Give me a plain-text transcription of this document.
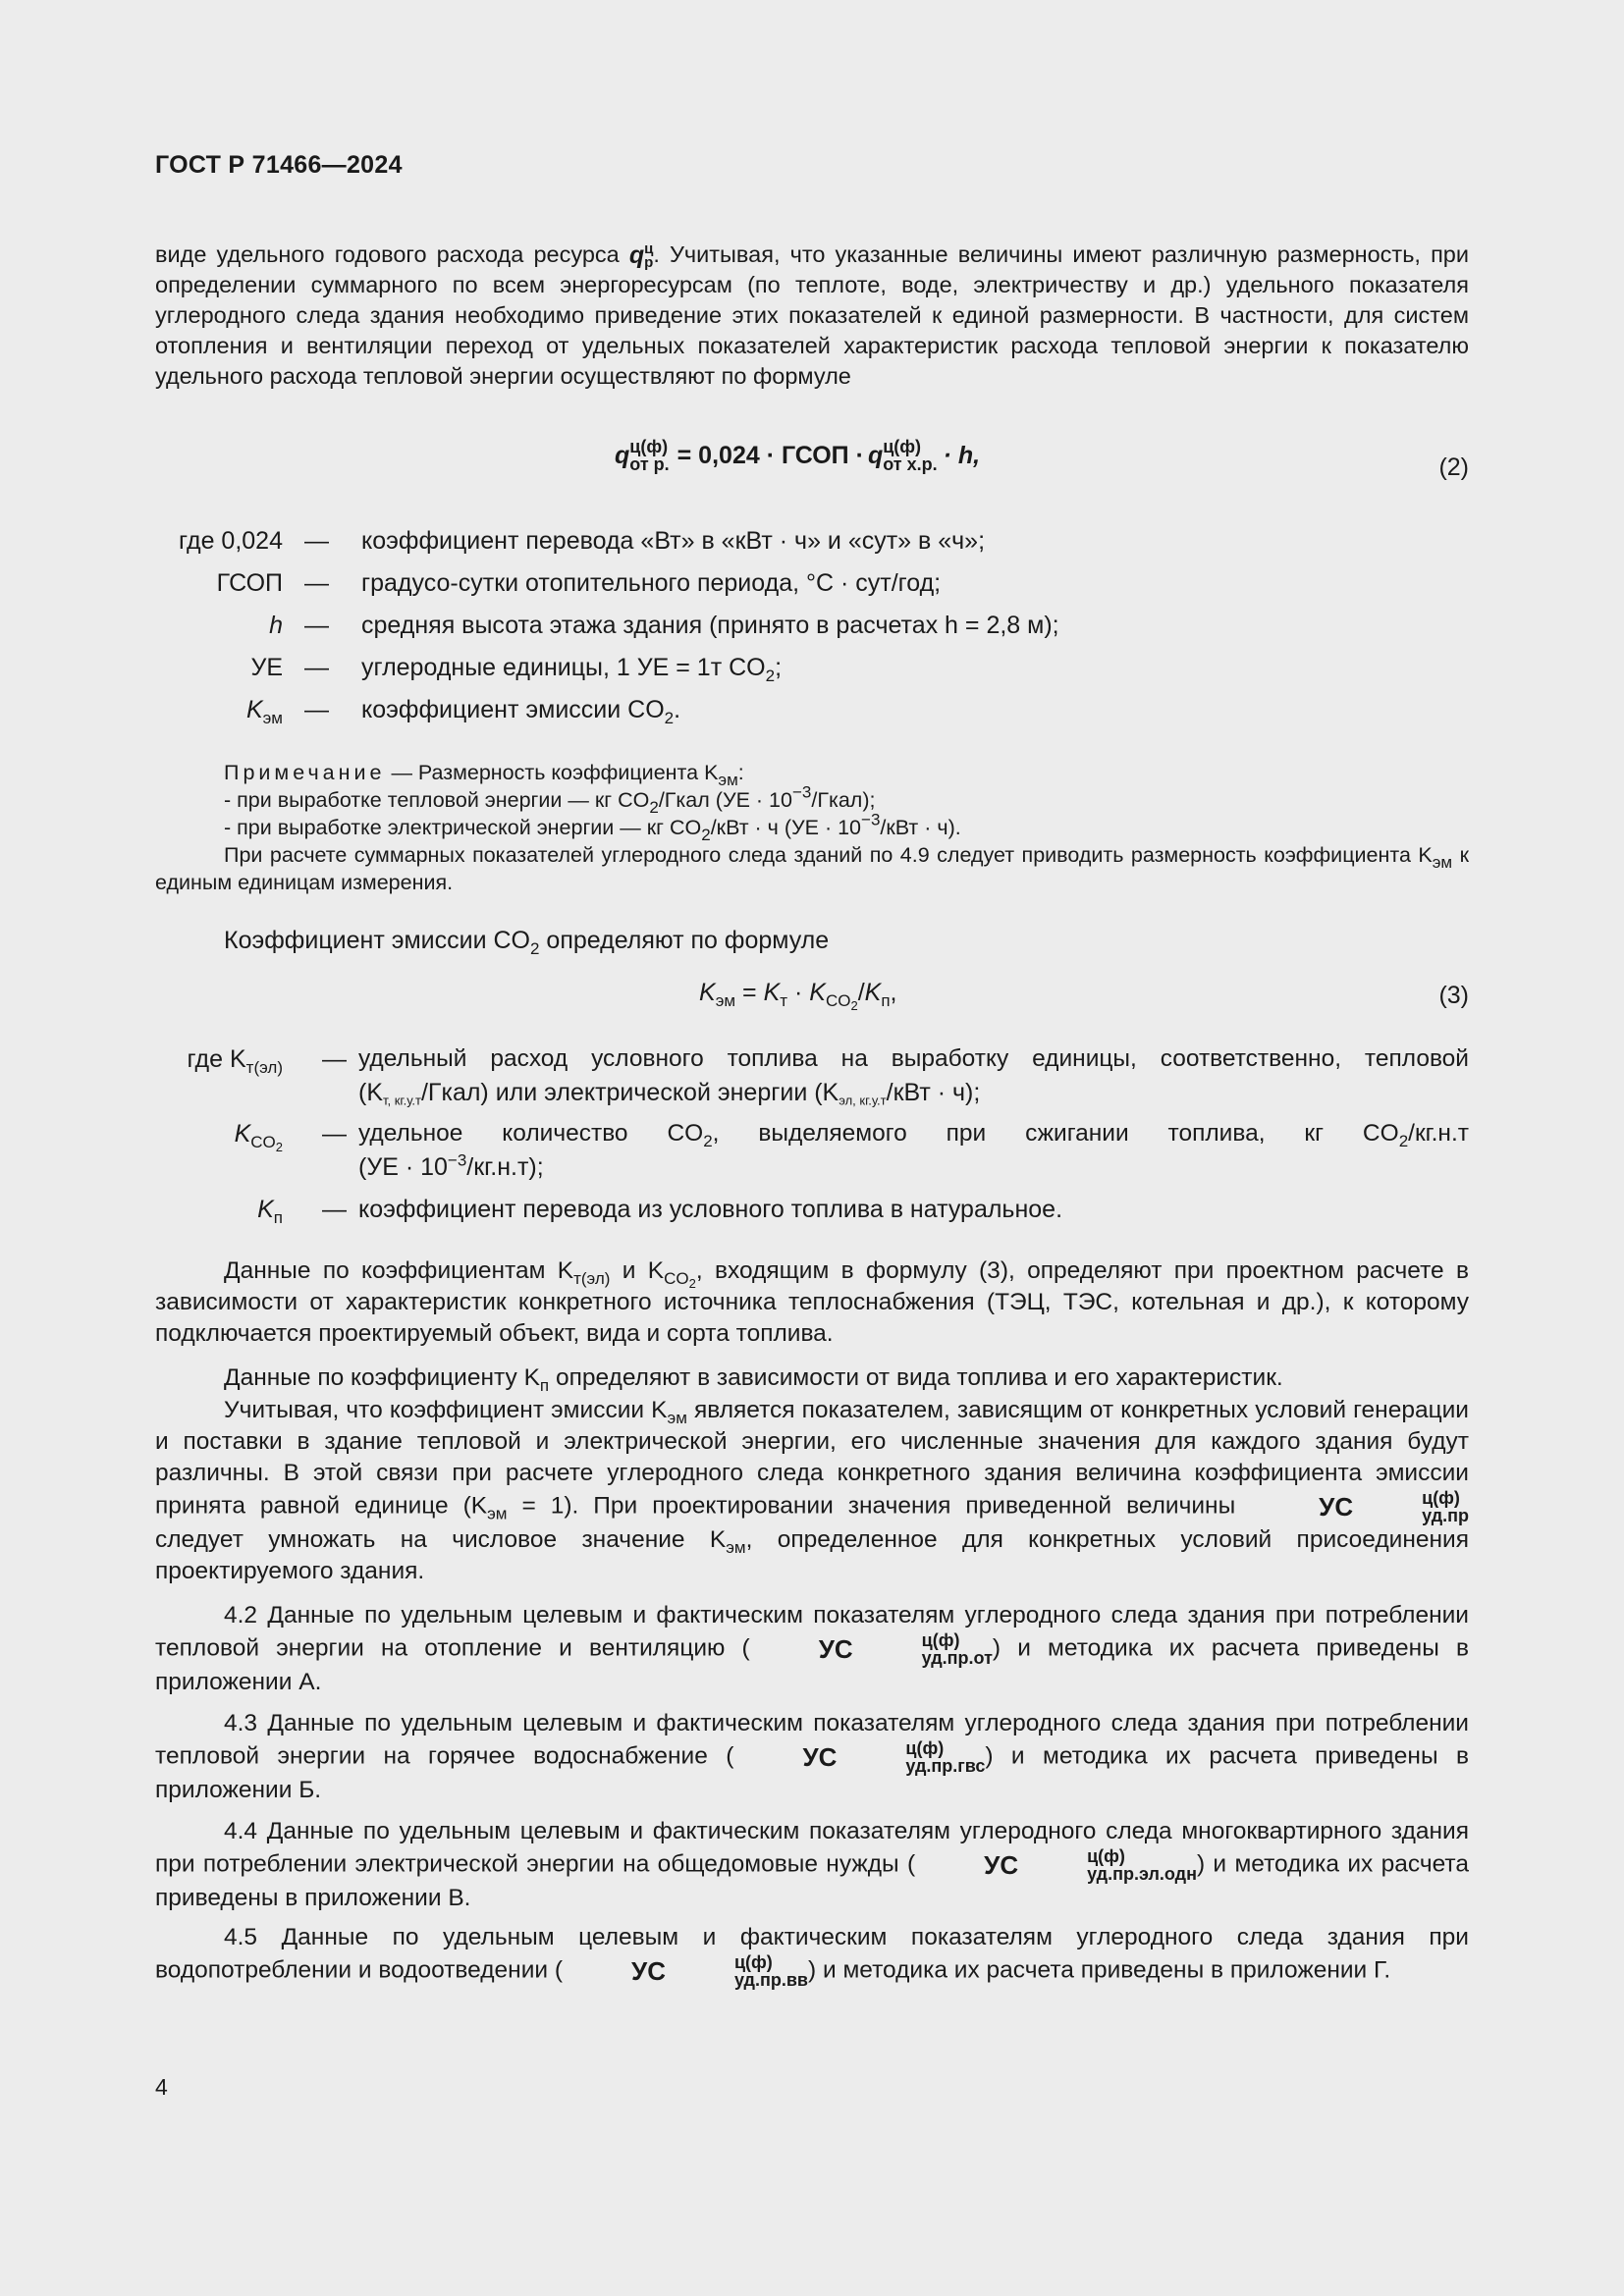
ГОСТ Р 71466—2024
виде удельного годового расхода ресурса q ц
р . Учитывая, что указанные величины имеют различную размерность, при определении суммарного по всем энергоресурсам (по теплоте, воде, электричеству и др.) удельного показателя углеродного следа здания необходимо приведение этих показателей к единой размерности. В частности, для систем отопления и вентиляции переход от удельных показателей характеристик расхода тепловой энергии к показателю удельного расхода тепловой энергии осуществляют по формуле
q ц(ф)
от р. = 0,024 · ГСОП · q ц(ф)
от х.р. · h,	(2)
где 0,024 — коэффициент перевода «Вт» в «кВт · ч» и «сут» в «ч»;
ГСОП — градусо-сутки отопительного периода, °С · сут/год;
h — средняя высота этажа здания (принято в расчетах h = 2,8 м);
УЕ — углеродные единицы, 1 УЕ = 1т $CO_2$;
$K_{эм}$ — коэффициент эмиссии $CO_2$.
Примечание — Размерность коэффициента $K_{эм}$:
- при выработке тепловой энергии — кг $CO_2$/Гкал $(УЕ \cdot 10^{-3}/Гкал)$;
- при выработке электрической энергии — кг $CO_2$/кВт · ч ($УЕ \cdot 10^{-3}$/кВт · ч).
При расчете суммарных показателей углеродного следа зданий по 4.9 следует приводить размерность коэффициента $K_{эм}$ к единым единицам измерения.
Коэффициент эмиссии $CO_2$ определяют по формуле
$K_{эм} = K_т \cdot K_{CO_2}/K_п$,	(3)
где $K_{т(эл)}$ — удельный расход условного топлива на выработку единицы, соответственно, тепловой
$(K_{т, кг.у.т}/Гкал)$ или электрической энергии ($K_{эл, кг.у.т}$/кВт · ч);
$K_{CO_2}$ — удельное количество $CO_2$, выделяемого при сжигании топлива, кг $CO_2/кг.н.т$
$(УЕ \cdot 10^{-3}/кг.н.т)$;
$K_п$ — коэффициент перевода из условного топлива в натуральное.
Данные по коэффициентам $K_{т(эл)}$ и $K_{CO_2}$, входящим в формулу (3), определяют при проектном расчете в зависимости от характеристик конкретного источника теплоснабжения (ТЭЦ, ТЭС, котельная и др.), к которому подключается проектируемый объект, вида и сорта топлива.
Данные по коэффициенту $K_п$ определяют в зависимости от вида топлива и его характеристик.
Учитывая, что коэффициент эмиссии $K_{эм}$ является показателем, зависящим от конкретных условий генерации и поставки в здание тепловой и электрической энергии, его численные значения для каждого здания будут различны. В этой связи при расчете углеродного следа конкретного здания величина коэффициента эмиссии принята равной единице $(K_{эм} = 1)$. При проектировании значения приведенной величины	УС	ц(ф)
уд.пр
следует умножать на числовое значение $K_{эм}$, определенное для конкретных условий присоединения проектируемого здания.
4.2 Данные по удельным целевым и фактическим показателям углеродного следа здания при потреблении тепловой энергии на отопление и вентиляцию (	УС	ц(ф)
уд.пр.от ) и методика их расчета приведены в приложении А.
4.3 Данные по удельным целевым и фактическим показателям углеродного следа здания при потреблении тепловой энергии на горячее водоснабжение (	УС	ц(ф)
уд.пр.гвс ) и методика их расчета приведены в приложении Б.
4.4 Данные по удельным целевым и фактическим показателям углеродного следа многоквартирного здания при потреблении электрической энергии на общедомовые нужды (	УС	ц(ф)
уд.пр.эл.одн ) и методика их расчета приведены в приложении В.
4.5 Данные по удельным целевым и фактическим показателям углеродного следа здания при водопотреблении и водоотведении (	УС	ц(ф)
уд.пр.вв ) и методика их расчета приведены в приложении Г.
4
